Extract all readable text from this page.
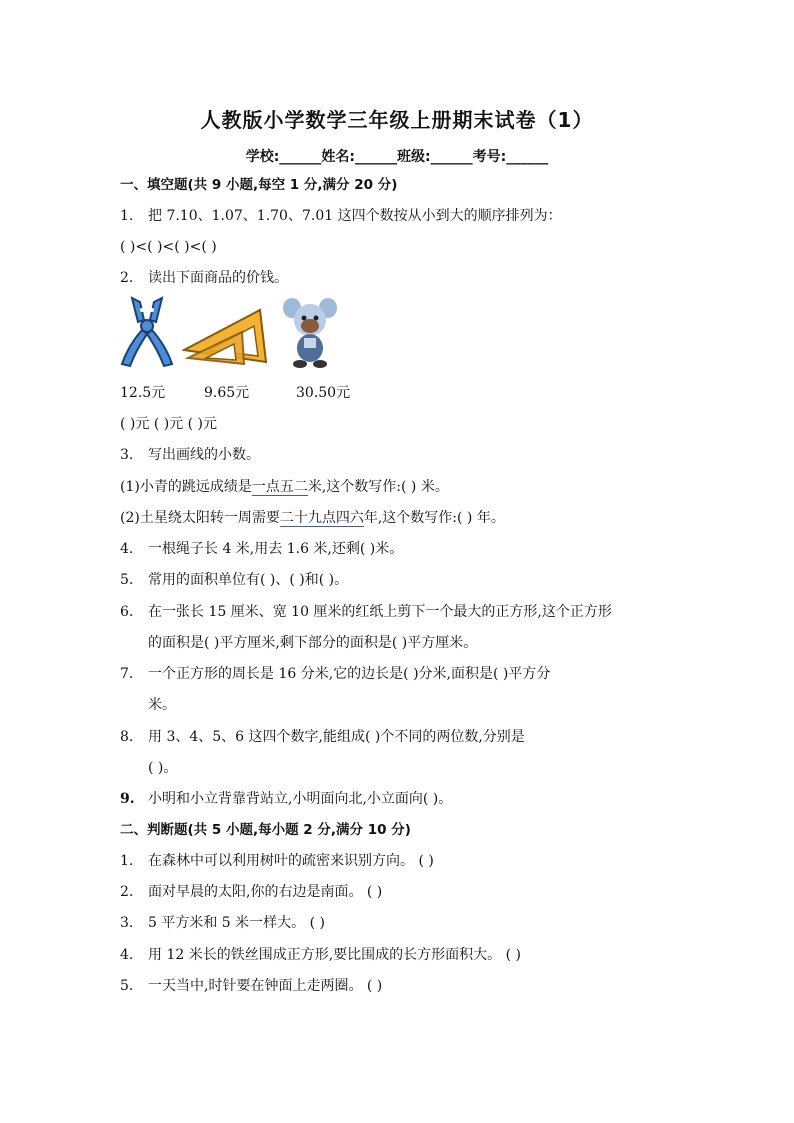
人教版小学数学三年级上册期末试卷（1）
学校:______姓名:______班级:______考号:______
一、填空题(共 9 小题,每空 1 分,满分 20 分)
1. 把 7.10、1.07、1.70、7.01 这四个数按从小到大的顺序排列为：
( )<( )<( )<( )
2. 读出下面商品的价钱。
12.5元	9.65元	30.50元
( )元 ( )元 ( )元
3. 写出画线的小数。
(1)小青的跳远成绩是一点五二米,这个数写作:( ) 米。
(2)土星绕太阳转一周需要二十九点四六年,这个数写作:( ) 年。
4. 一根绳子长 4 米,用去 1.6 米,还剩( )米。
5. 常用的面积单位有( )、( )和( )。
6. 在一张长 15 厘米、宽 10 厘米的红纸上剪下一个最大的正方形,这个正方形
的面积是( )平方厘米,剩下部分的面积是( )平方厘米。
7. 一个正方形的周长是 16 分米,它的边长是( )分米,面积是( )平方分
米。
8. 用 3、4、5、6 这四个数字,能组成( )个不同的两位数,分别是
( )。
9. 小明和小立背靠背站立,小明面向北,小立面向( )。
二、判断题(共 5 小题,每小题 2 分,满分 10 分)
1. 在森林中可以利用树叶的疏密来识别方向。 ( )
2. 面对早晨的太阳,你的右边是南面。 ( )
3. 5 平方米和 5 米一样大。 ( )
4. 用 12 米长的铁丝围成正方形,要比围成的长方形面积大。 ( )
5. 一天当中,时针要在钟面上走两圈。 ( )
